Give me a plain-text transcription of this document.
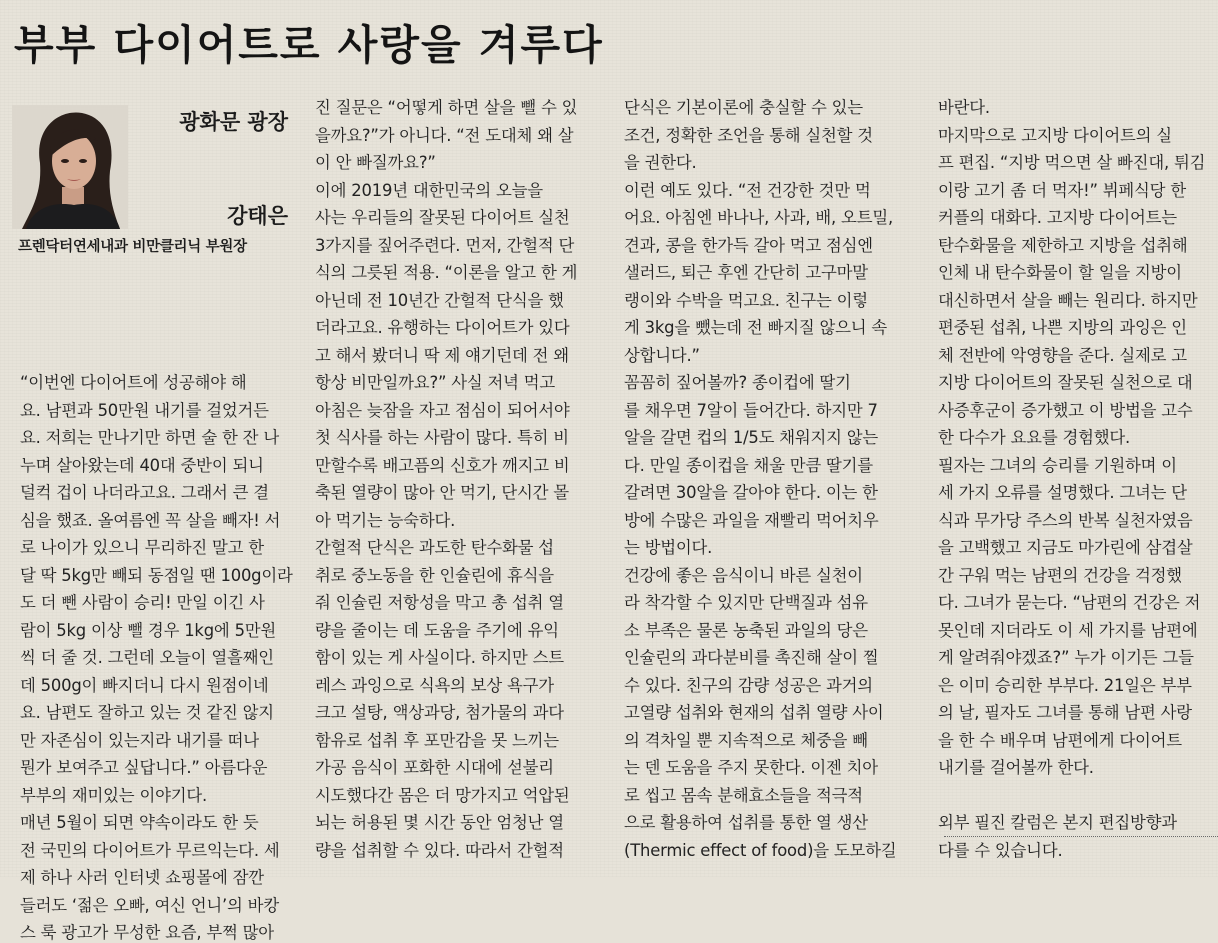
부부 다이어트로 사랑을 겨루다
광화문 광장
강태은
프렌닥터연세내과 비만클리닉 부원장
“이번엔 다이어트에 성공해야 해
요. 남편과 50만원 내기를 걸었거든
요. 저희는 만나기만 하면 술 한 잔 나
누며 살아왔는데 40대 중반이 되니
덜컥 겁이 나더라고요. 그래서 큰 결
심을 했죠. 올여름엔 꼭 살을 빼자! 서
로 나이가 있으니 무리하진 말고 한
달 딱 5kg만 빼되 동점일 땐 100g이라
도 더 뺀 사람이 승리! 만일 이긴 사
람이 5kg 이상 뺄 경우 1kg에 5만원
씩 더 줄 것. 그런데 오늘이 열흘째인
데 500g이 빠지더니 다시 원점이네
요. 남편도 잘하고 있는 것 같진 않지
만 자존심이 있는지라 내기를 떠나
뭔가 보여주고 싶답니다.” 아름다운
부부의 재미있는 이야기다.
매년 5월이 되면 약속이라도 한 듯
전 국민의 다이어트가 무르익는다. 세
제 하나 사러 인터넷 쇼핑몰에 잠깐
들러도 ‘젊은 오빠, 여신 언니’의 바캉
스 룩 광고가 무성한 요즘, 부쩍 많아
진 질문은 “어떻게 하면 살을 뺄 수 있
을까요?”가 아니다. “전 도대체 왜 살
이 안 빠질까요?”
이에 2019년 대한민국의 오늘을
사는 우리들의 잘못된 다이어트 실천
3가지를 짚어주련다. 먼저, 간헐적 단
식의 그릇된 적용. “이론을 알고 한 게
아닌데 전 10년간 간헐적 단식을 했
더라고요. 유행하는 다이어트가 있다
고 해서 봤더니 딱 제 얘기던데 전 왜
항상 비만일까요?” 사실 저녁 먹고
아침은 늦잠을 자고 점심이 되어서야
첫 식사를 하는 사람이 많다. 특히 비
만할수록 배고픔의 신호가 깨지고 비
축된 열량이 많아 안 먹기, 단시간 몰
아 먹기는 능숙하다.
간헐적 단식은 과도한 탄수화물 섭
취로 중노동을 한 인슐린에 휴식을
줘 인슐린 저항성을 막고 총 섭취 열
량을 줄이는 데 도움을 주기에 유익
함이 있는 게 사실이다. 하지만 스트
레스 과잉으로 식욕의 보상 욕구가
크고 설탕, 액상과당, 첨가물의 과다
함유로 섭취 후 포만감을 못 느끼는
가공 음식이 포화한 시대에 섣불리
시도했다간 몸은 더 망가지고 억압된
뇌는 허용된 몇 시간 동안 엄청난 열
량을 섭취할 수 있다. 따라서 간헐적
단식은 기본이론에 충실할 수 있는
조건, 정확한 조언을 통해 실천할 것
을 권한다.
이런 예도 있다. “전 건강한 것만 먹
어요. 아침엔 바나나, 사과, 배, 오트밀,
견과, 콩을 한가득 갈아 먹고 점심엔
샐러드, 퇴근 후엔 간단히 고구마말
랭이와 수박을 먹고요. 친구는 이렇
게 3kg을 뺐는데 전 빠지질 않으니 속
상합니다.”
꼼꼼히 짚어볼까? 종이컵에 딸기
를 채우면 7알이 들어간다. 하지만 7
알을 갈면 컵의 1/5도 채워지지 않는
다. 만일 종이컵을 채울 만큼 딸기를
갈려면 30알을 갈아야 한다. 이는 한
방에 수많은 과일을 재빨리 먹어치우
는 방법이다.
건강에 좋은 음식이니 바른 실천이
라 착각할 수 있지만 단백질과 섬유
소 부족은 물론 농축된 과일의 당은
인슐린의 과다분비를 촉진해 살이 찔
수 있다. 친구의 감량 성공은 과거의
고열량 섭취와 현재의 섭취 열량 사이
의 격차일 뿐 지속적으로 체중을 빼
는 덴 도움을 주지 못한다. 이젠 치아
로 씹고 몸속 분해효소들을 적극적
으로 활용하여 섭취를 통한 열 생산
(Thermic effect of food)을 도모하길
바란다.
마지막으로 고지방 다이어트의 실
프 편집. “지방 먹으면 살 빠진대, 튀김
이랑 고기 좀 더 먹자!” 뷔페식당 한
커플의 대화다. 고지방 다이어트는
탄수화물을 제한하고 지방을 섭취해
인체 내 탄수화물이 할 일을 지방이
대신하면서 살을 빼는 원리다. 하지만
편중된 섭취, 나쁜 지방의 과잉은 인
체 전반에 악영향을 준다. 실제로 고
지방 다이어트의 잘못된 실천으로 대
사증후군이 증가했고 이 방법을 고수
한 다수가 요요를 경험했다.
필자는 그녀의 승리를 기원하며 이
세 가지 오류를 설명했다. 그녀는 단
식과 무가당 주스의 반복 실천자였음
을 고백했고 지금도 마가린에 삼겹살
간 구워 먹는 남편의 건강을 걱정했
다. 그녀가 묻는다. “남편의 건강은 저
못인데 지더라도 이 세 가지를 남편에
게 알려줘야겠죠?” 누가 이기든 그들
은 이미 승리한 부부다. 21일은 부부
의 날, 필자도 그녀를 통해 남편 사랑
을 한 수 배우며 남편에게 다이어트
내기를 걸어볼까 한다.
외부 필진 칼럼은 본지 편집방향과
다를 수 있습니다.
